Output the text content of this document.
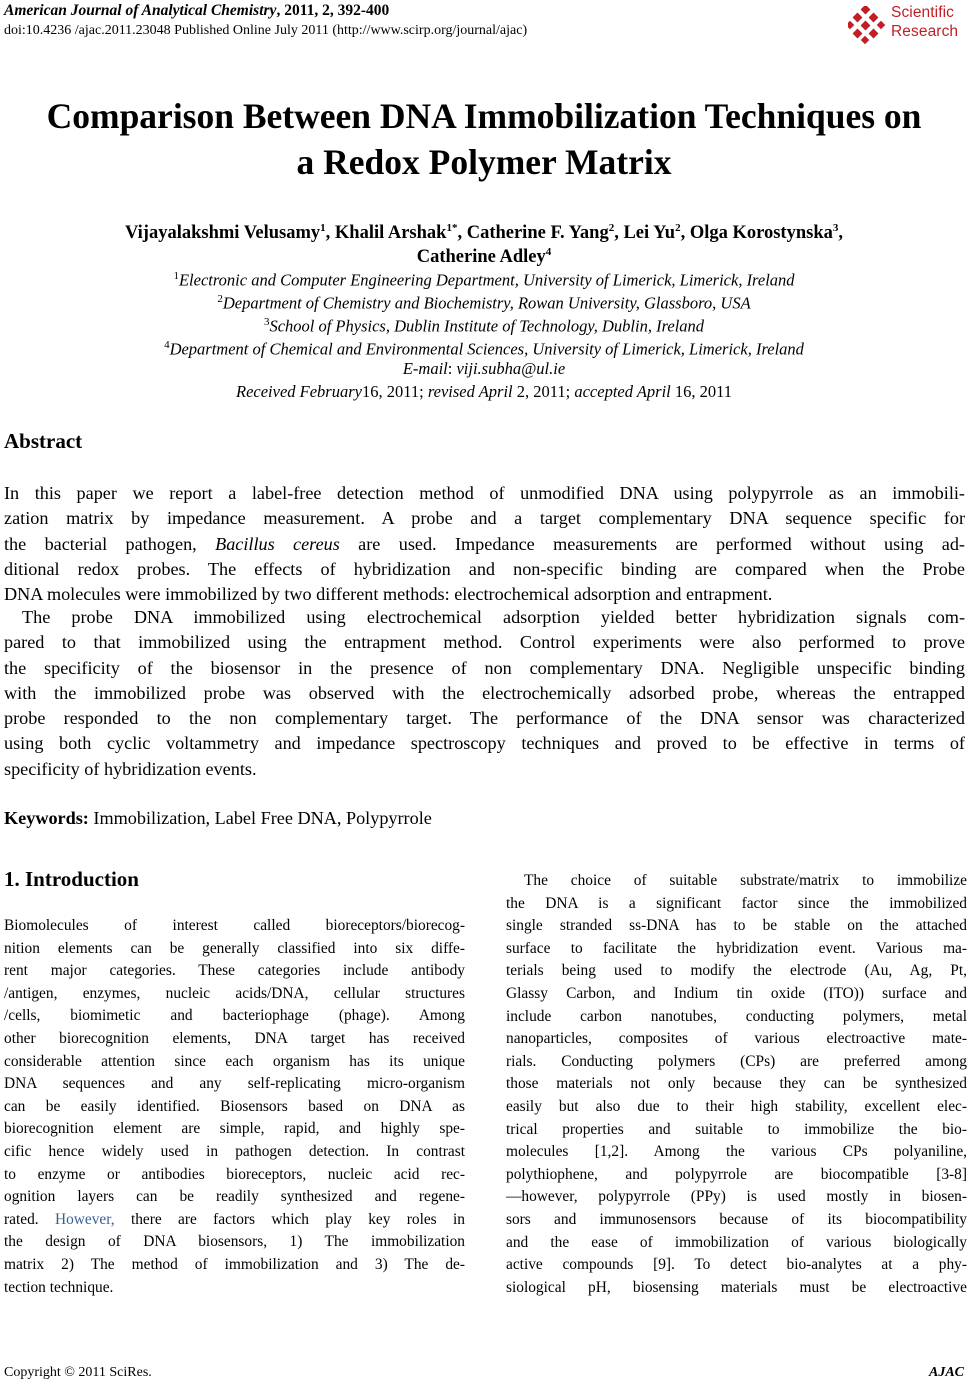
American Journal of Analytical Chemistry, 2011, 2, 392-400
doi:10.4236 /ajac.2011.23048 Published Online July 2011 (http://www.scirp.org/journal/ajac)
Scientific
Research
Comparison Between DNA Immobilization Techniques on
a Redox Polymer Matrix
Vijayalakshmi Velusamy$^1$, Khalil Arshak$^{1*}$, Catherine F. Yang$^2$, Lei Yu$^2$, Olga Korostynska$^3$,
Catherine Adley$^4$
$^1$Electronic and Computer Engineering Department, University of Limerick, Limerick, Ireland
$^2$Department of Chemistry and Biochemistry, Rowan University, Glassboro, USA
$^3$School of Physics, Dublin Institute of Technology, Dublin, Ireland
$^4$Department of Chemical and Environmental Sciences, University of Limerick, Limerick, Ireland
E-mail: viji.subha@ul.ie
Received February16, 2011; revised April 2, 2011; accepted April 16, 2011
Abstract
In this paper we report a label-free detection method of unmodified DNA using polypyrrole as an immobili-
zation matrix by impedance measurement. A probe and a target complementary DNA sequence specific for
the bacterial pathogen, Bacillus cereus are used. Impedance measurements are performed without using ad-
ditional redox probes. The effects of hybridization and non-specific binding are compared when the Probe
DNA molecules were immobilized by two different methods: electrochemical adsorption and entrapment.
The probe DNA immobilized using electrochemical adsorption yielded better hybridization signals com-
pared to that immobilized using the entrapment method. Control experiments were also performed to prove
the specificity of the biosensor in the presence of non complementary DNA. Negligible unspecific binding
with the immobilized probe was observed with the electrochemically adsorbed probe, whereas the entrapped
probe responded to the non complementary target. The performance of the DNA sensor was characterized
using both cyclic voltammetry and impedance spectroscopy techniques and proved to be effective in terms of
specificity of hybridization events.
Keywords: Immobilization, Label Free DNA, Polypyrrole
1. Introduction
Biomolecules of interest called bioreceptors/biorecog-
nition elements can be generally classified into six diffe-
rent major categories. These categories include antibody
/antigen, enzymes, nucleic acids/DNA, cellular structures
/cells, biomimetic and bacteriophage (phage). Among
other biorecognition elements, DNA target has received
considerable attention since each organism has its unique
DNA sequences and any self-replicating micro-organism
can be easily identified. Biosensors based on DNA as
biorecognition element are simple, rapid, and highly spe-
cific hence widely used in pathogen detection. In contrast
to enzyme or antibodies bioreceptors, nucleic acid rec-
ognition layers can be readily synthesized and regene-
rated. However, there are factors which play key roles in
the design of DNA biosensors, 1) The immobilization
matrix 2) The method of immobilization and 3) The de-
tection technique.
The choice of suitable substrate/matrix to immobilize
the DNA is a significant factor since the immobilized
single stranded ss-DNA has to be stable on the attached
surface to facilitate the hybridization event. Various ma-
terials being used to modify the electrode (Au, Ag, Pt,
Glassy Carbon, and Indium tin oxide (ITO)) surface and
include carbon nanotubes, conducting polymers, metal
nanoparticles, composites of various electroactive mate-
rials. Conducting polymers (CPs) are preferred among
those materials not only because they can be synthesized
easily but also due to their high stability, excellent elec-
trical properties and suitable to immobilize the bio-
molecules [1,2]. Among the various CPs polyaniline,
polythiophene, and polypyrrole are biocompatible [3-8]
—however, polypyrrole (PPy) is used mostly in biosen-
sors and immunosensors because of its biocompatibility
and the ease of immobilization of various biologically
active compounds [9]. To detect bio-analytes at a phy-
siological pH, biosensing materials must be electroactive
Copyright © 2011 SciRes.	AJAC
